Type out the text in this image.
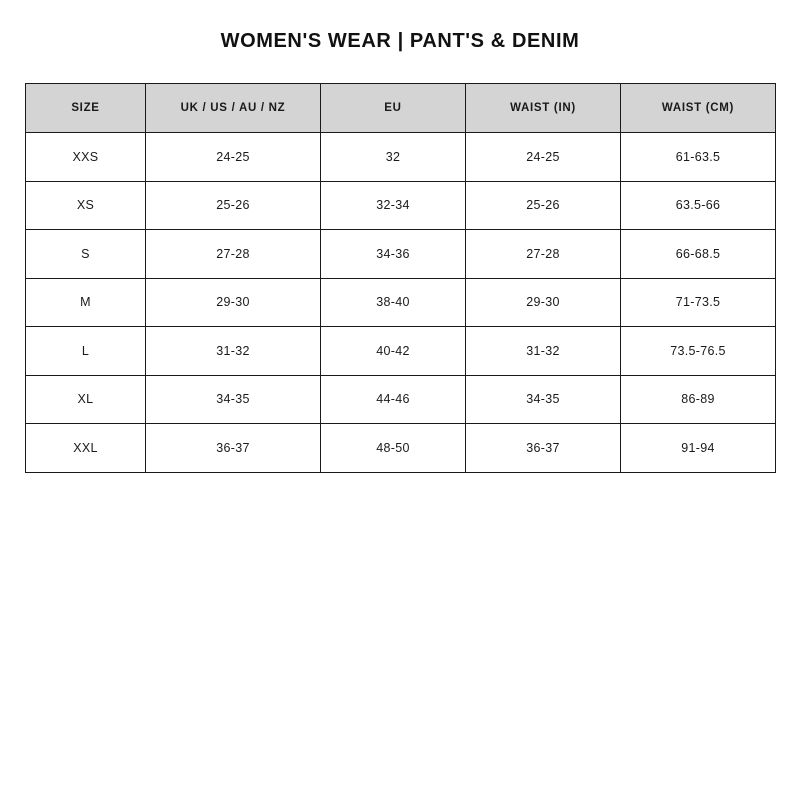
WOMEN'S WEAR | PANT'S & DENIM
SIZE	UK / US / AU / NZ	EU	WAIST (IN)	WAIST (CM)
XXS	24-25	32	24-25	61-63.5
XS	25-26	32-34	25-26	63.5-66
S	27-28	34-36	27-28	66-68.5
M	29-30	38-40	29-30	71-73.5
L	31-32	40-42	31-32	73.5-76.5
XL	34-35	44-46	34-35	86-89
XXL	36-37	48-50	36-37	91-94
